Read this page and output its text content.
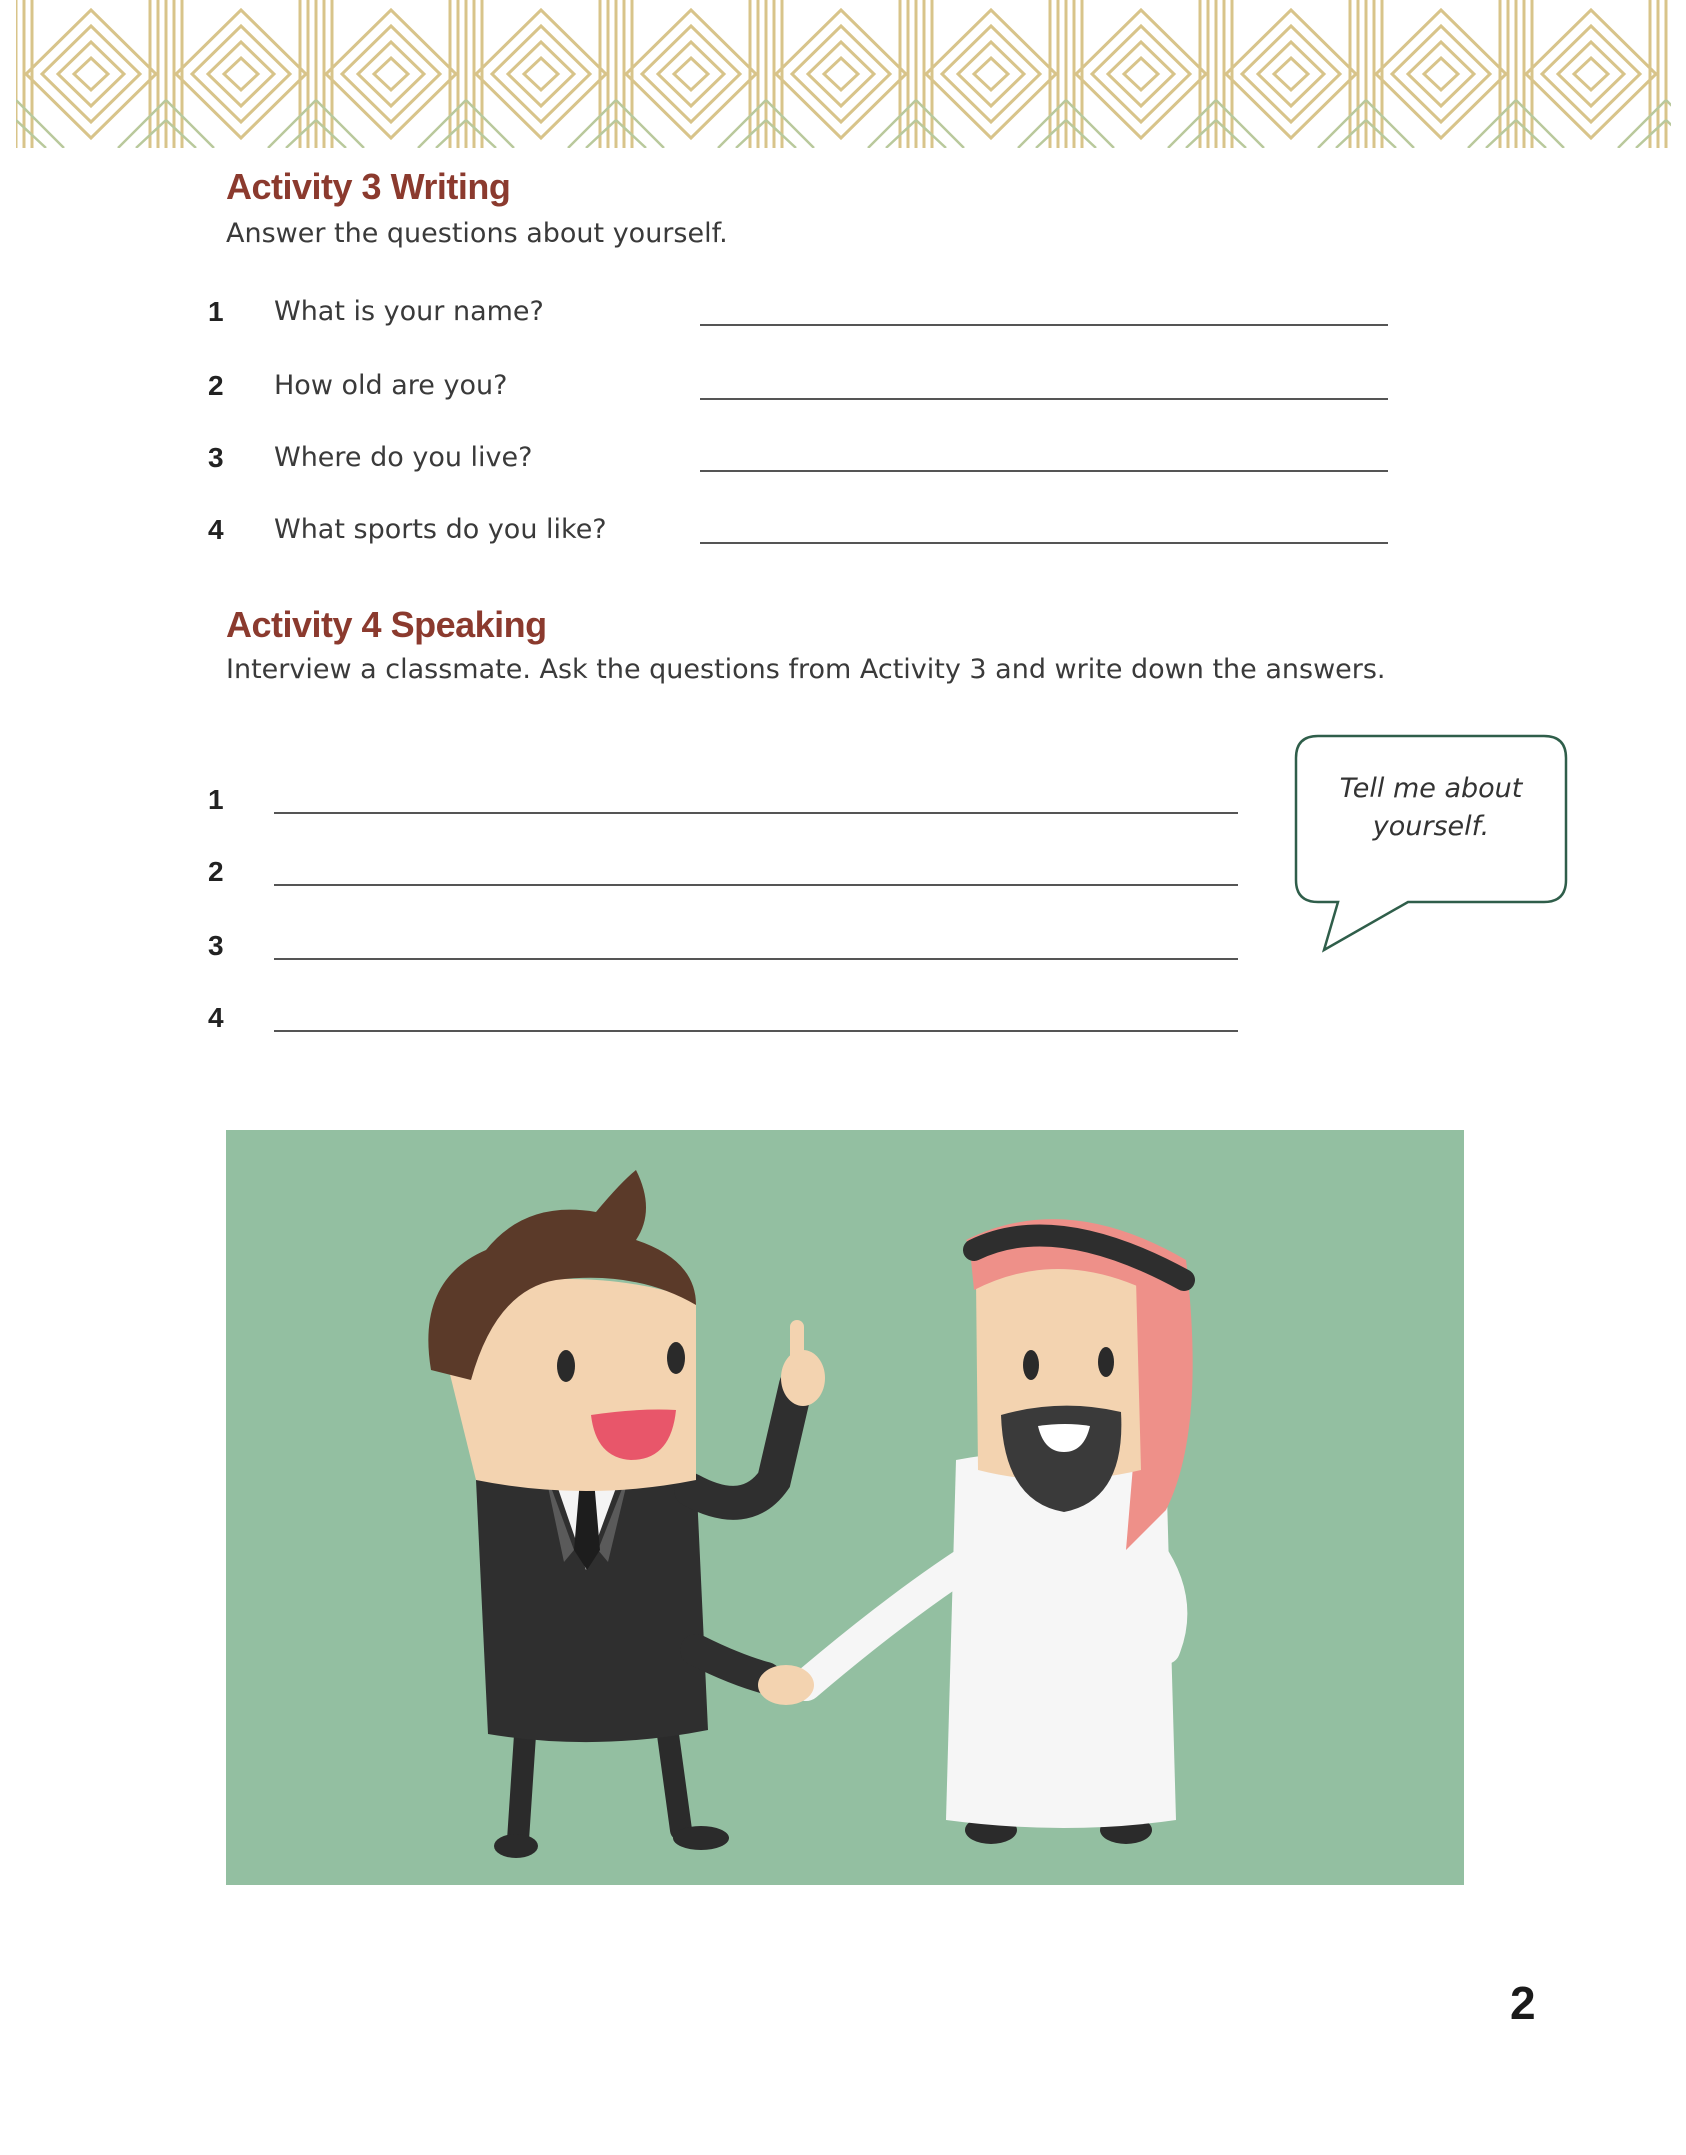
Activity 3 Writing

Answer the questions about yourself.

1 What is your name?
2 How old are you?
3 Where do you live?
4 What sports do you like?
Activity 4 Speaking

Interview a classmate. Ask the questions from Activity 3 and write down the answers.

1
2
3
4
Tell me about
yourself.
2
